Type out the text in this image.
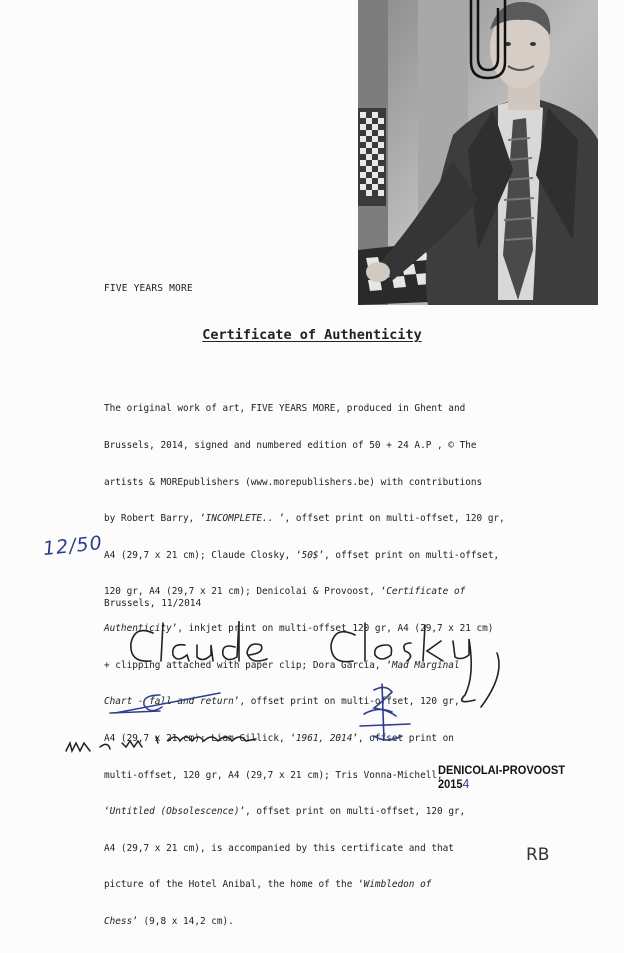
FIVE YEARS MORE
Certificate of Authenticity

The original work of art, FIVE YEARS MORE, produced in Ghent and

Brussels, 2014, signed and numbered edition of 50 + 24 A.P , © The

artists & MOREpublishers (www.morepublishers.be) with contributions

by Robert Barry, ‘INCOMPLETE.. ’, offset print on multi-offset, 120 gr,

A4 (29,7 x 21 cm); Claude Closky, ‘50$’, offset print on multi-offset,

120 gr, A4 (29,7 x 21 cm); Denicolai & Provoost, ‘Certificate of

Authenticity’, inkjet print on multi-offset 120 gr, A4 (29,7 x 21 cm)

+ clipping attached with paper clip; Dora García, ‘Mad Marginal

Chart - fall and return’, offset print on multi-offset, 120 gr,

A4 (29,7 x 21 cm); Liam Gillick, ‘1961, 2014’, offset print on

multi-offset, 120 gr, A4 (29,7 x 21 cm); Tris Vonna-Michell,

‘Untitled (Obsolescence)’, offset print on multi-offset, 120 gr,

A4 (29,7 x 21 cm), is accompanied by this certificate and that

picture of the Hotel Anibal, the home of the ‘Wimbledon of

Chess’ (9,8 x 14,2 cm).

12/50
Brussels, 11/2014
DENICOLAI-PROVOOST
20154
RB
